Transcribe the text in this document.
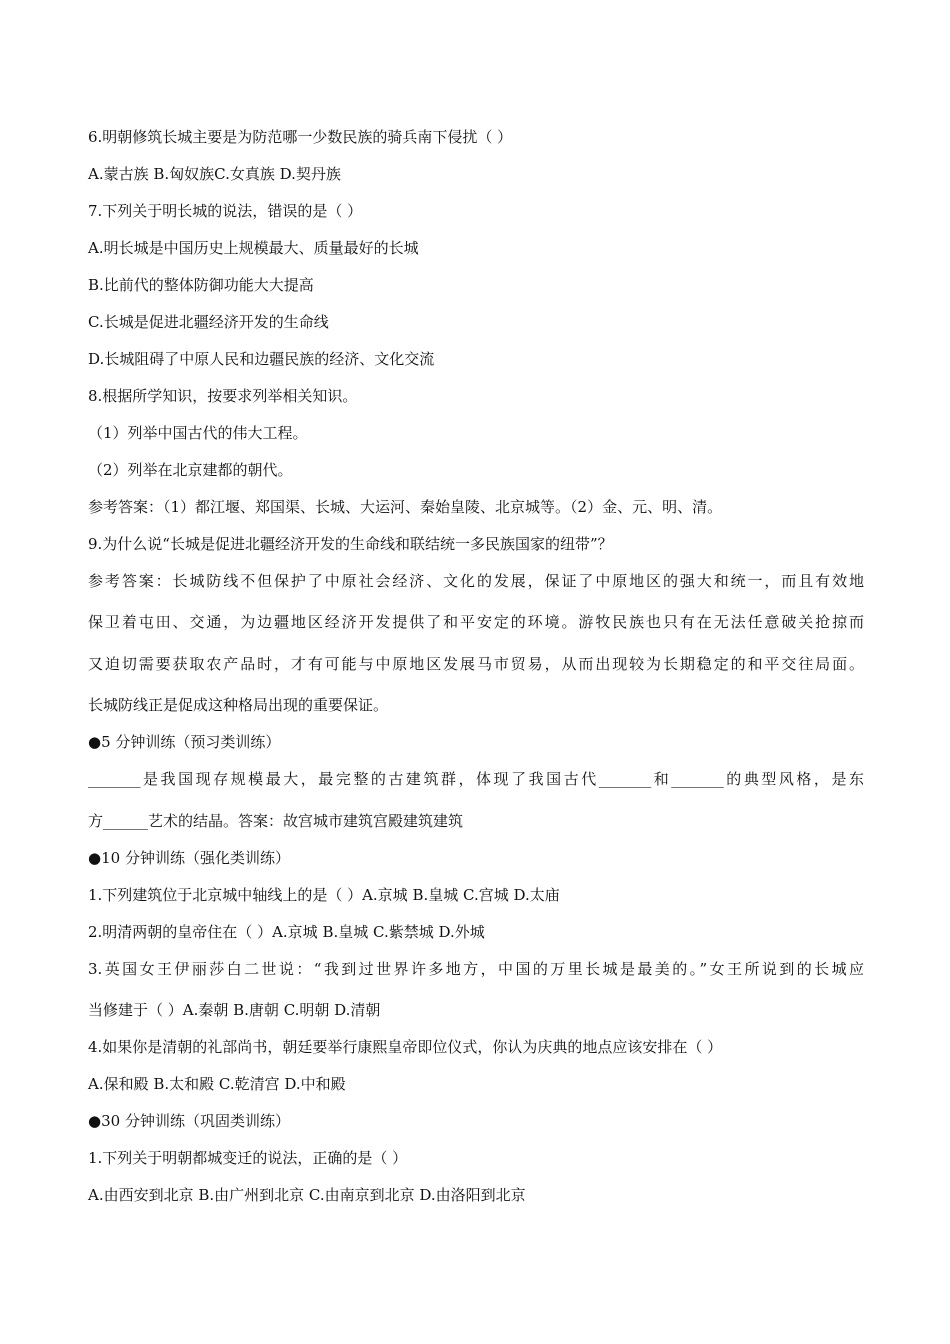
6.明朝修筑长城主要是为防范哪一少数民族的骑兵南下侵扰（ ）
A.蒙古族 B.匈奴族C.女真族 D.契丹族
7.下列关于明长城的说法，错误的是（ ）
A.明长城是中国历史上规模最大、质量最好的长城
B.比前代的整体防御功能大大提高
C.长城是促进北疆经济开发的生命线
D.长城阻碍了中原人民和边疆民族的经济、文化交流
8.根据所学知识，按要求列举相关知识。
（1）列举中国古代的伟大工程。
（2）列举在北京建都的朝代。
参考答案：（1）都江堰、郑国渠、长城、大运河、秦始皇陵、北京城等。（2）金、元、明、清。
9.为什么说“长城是促进北疆经济开发的生命线和联结统一多民族国家的纽带”？
参考答案：长城防线不但保护了中原社会经济、文化的发展，保证了中原地区的强大和统一，而且有效地
保卫着屯田、交通，为边疆地区经济开发提供了和平安定的环境。游牧民族也只有在无法任意破关抢掠而
又迫切需要获取农产品时，才有可能与中原地区发展马市贸易，从而出现较为长期稳定的和平交往局面。
长城防线正是促成这种格局出现的重要保证。
●5 分钟训练（预习类训练）
_______是我国现存规模最大，最完整的古建筑群，体现了我国古代_______和_______的典型风格，是东
方______艺术的结晶。答案：故宫城市建筑宫殿建筑建筑
●10 分钟训练（强化类训练）
1.下列建筑位于北京城中轴线上的是（ ）A.京城 B.皇城 C.宫城 D.太庙
2.明清两朝的皇帝住在（ ）A.京城 B.皇城 C.紫禁城 D.外城
3.英国女王伊丽莎白二世说：“我到过世界许多地方，中国的万里长城是最美的。”女王所说到的长城应
当修建于（ ）A.秦朝 B.唐朝 C.明朝 D.清朝
4.如果你是清朝的礼部尚书，朝廷要举行康熙皇帝即位仪式，你认为庆典的地点应该安排在（ ）
A.保和殿 B.太和殿 C.乾清宫 D.中和殿
●30 分钟训练（巩固类训练）
1.下列关于明朝都城变迁的说法，正确的是（ ）
A.由西安到北京 B.由广州到北京 C.由南京到北京 D.由洛阳到北京
